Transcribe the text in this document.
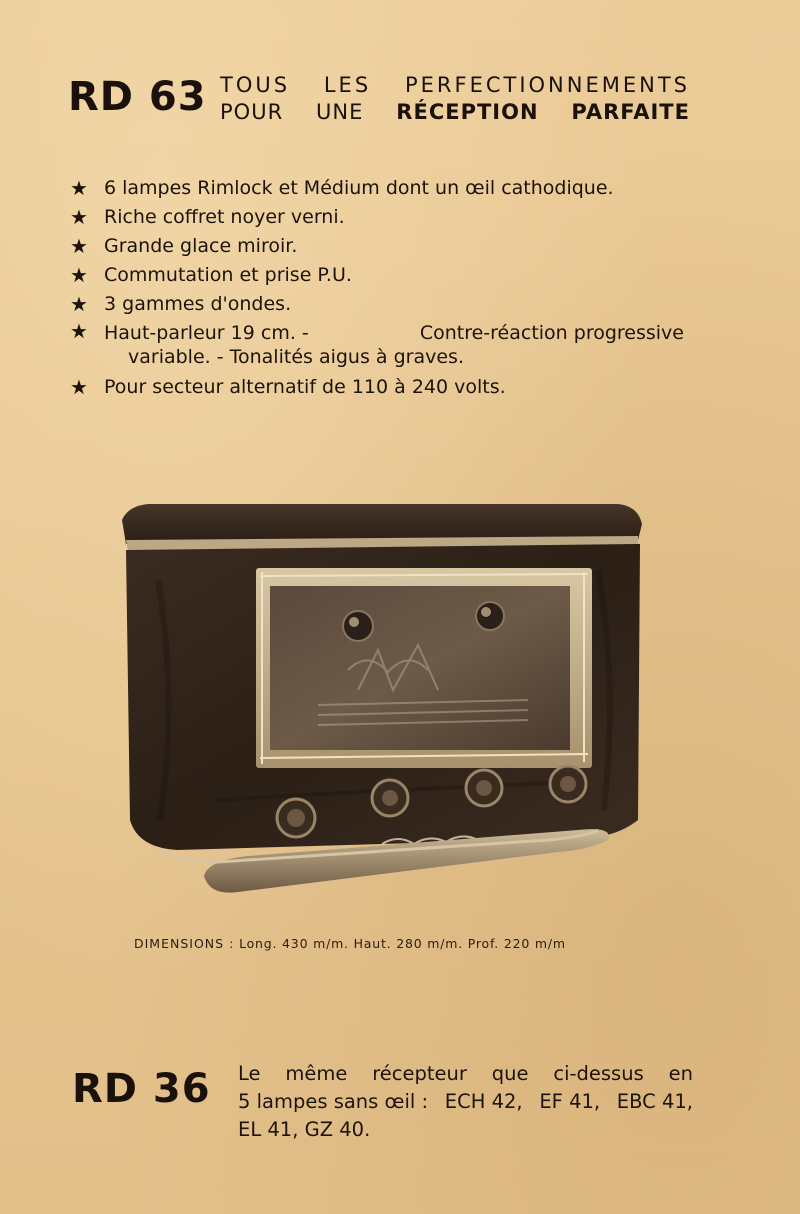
RD 63 TOUS LES PERFECTIONNEMENTS
POUR UNE RÉCEPTION PARFAITE
★ 6 lampes Rimlock et Médium dont un œil cathodique.
★ Riche coffret noyer verni.
★ Grande glace miroir.
★ Commutation et prise P.U.
★ 3 gammes d'ondes.
★ Haut-parleur 19 cm. -	Contre-réaction progressive
variable. - Tonalités aigus à graves.
★ Pour secteur alternatif de 110 à 240 volts.
DIMENSIONS : Long. 430 m/m. Haut. 280 m/m. Prof. 220 m/m
RD 36 Le même récepteur que ci-dessus en
5 lampes sans œil : ECH 42, EF 41, EBC 41,
EL 41, GZ 40.
